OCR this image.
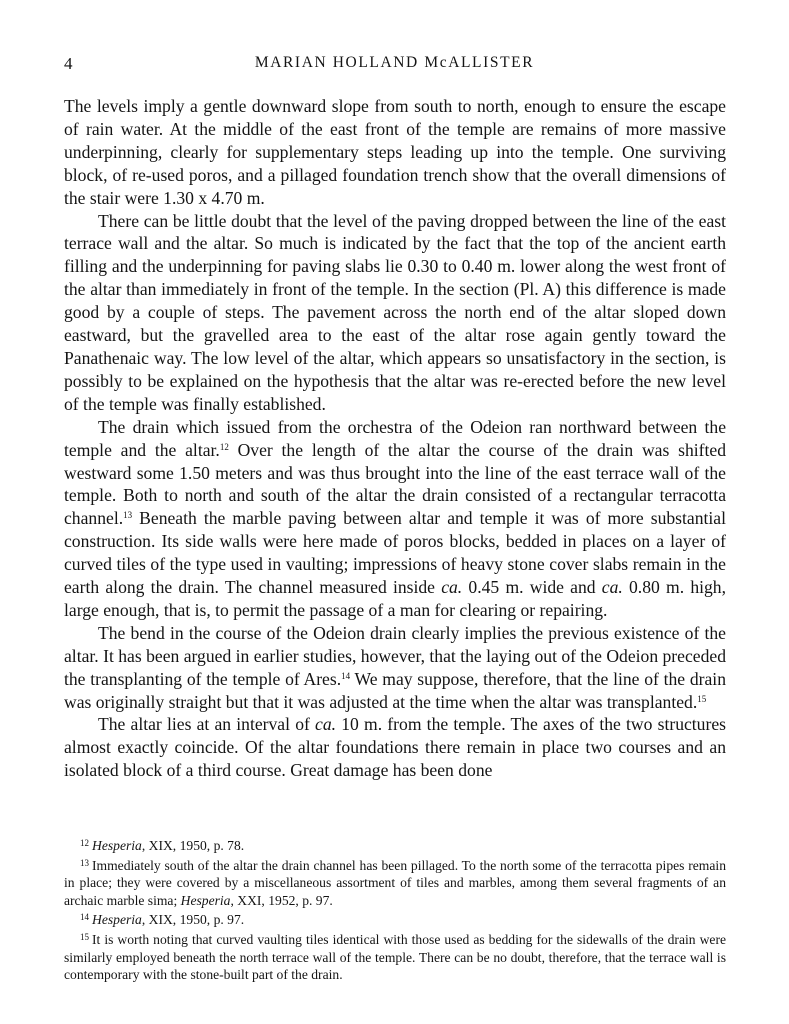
4	MARIAN HOLLAND McALLISTER

The levels imply a gentle downward slope from south to north, enough to ensure the escape of rain water. At the middle of the east front of the temple are remains of more massive underpinning, clearly for supplementary steps leading up into the temple. One surviving block, of re-used poros, and a pillaged foundation trench show that the overall dimensions of the stair were 1.30 x 4.70 m.

There can be little doubt that the level of the paving dropped between the line of the east terrace wall and the altar. So much is indicated by the fact that the top of the ancient earth filling and the underpinning for paving slabs lie 0.30 to 0.40 m. lower along the west front of the altar than immediately in front of the temple. In the section (Pl. A) this difference is made good by a couple of steps. The pavement across the north end of the altar sloped down eastward, but the gravelled area to the east of the altar rose again gently toward the Panathenaic way. The low level of the altar, which appears so unsatisfactory in the section, is possibly to be explained on the hypothesis that the altar was re-erected before the new level of the temple was finally established.

The drain which issued from the orchestra of the Odeion ran northward between the temple and the altar.$^{12}$ Over the length of the altar the course of the drain was shifted westward some 1.50 meters and was thus brought into the line of the east terrace wall of the temple. Both to north and south of the altar the drain consisted of a rectangular terracotta channel.$^{13}$ Beneath the marble paving between altar and temple it was of more substantial construction. Its side walls were here made of poros blocks, bedded in places on a layer of curved tiles of the type used in vaulting; impressions of heavy stone cover slabs remain in the earth along the drain. The channel measured inside ca. 0.45 m. wide and ca. 0.80 m. high, large enough, that is, to permit the passage of a man for clearing or repairing.

The bend in the course of the Odeion drain clearly implies the previous existence of the altar. It has been argued in earlier studies, however, that the laying out of the Odeion preceded the transplanting of the temple of Ares.$^{14}$ We may suppose, therefore, that the line of the drain was originally straight but that it was adjusted at the time when the altar was transplanted.$^{15}$

The altar lies at an interval of ca. 10 m. from the temple. The axes of the two structures almost exactly coincide. Of the altar foundations there remain in place two courses and an isolated block of a third course. Great damage has been done

$^{12}$ Hesperia, XIX, 1950, p. 78.

$^{13}$ Immediately south of the altar the drain channel has been pillaged. To the north some of the terracotta pipes remain in place; they were covered by a miscellaneous assortment of tiles and marbles, among them several fragments of an archaic marble sima; Hesperia, XXI, 1952, p. 97.

$^{14}$ Hesperia, XIX, 1950, p. 97.

$^{15}$ It is worth noting that curved vaulting tiles identical with those used as bedding for the sidewalls of the drain were similarly employed beneath the north terrace wall of the temple. There can be no doubt, therefore, that the terrace wall is contemporary with the stone-built part of the drain.
